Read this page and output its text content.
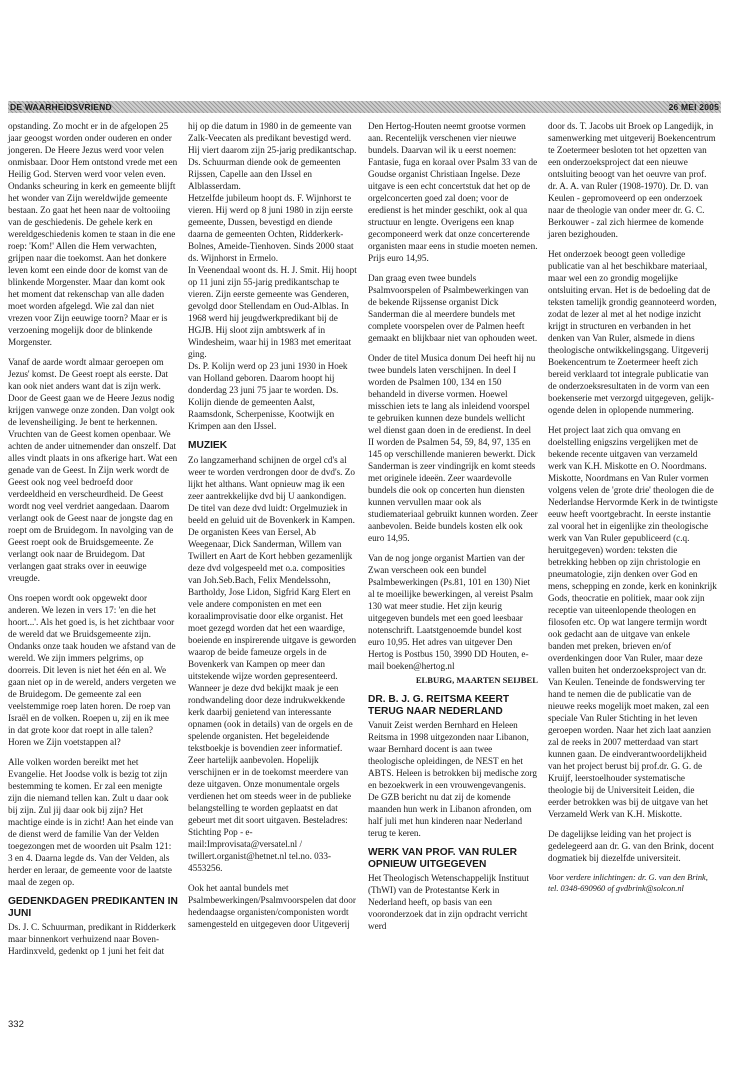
DE WAARHEIDSVRIEND	26 MEI 2005

opstanding. Zo mocht er in de afgelopen 25 jaar geoogst worden onder ouderen en onder jongeren. De Heere Jezus werd voor velen onmisbaar. Door Hem ontstond vrede met een Heilig God. Sterven werd voor velen even. Ondanks scheuring in kerk en gemeente blijft het wonder van Zijn wereldwijde gemeente bestaan. Zo gaat het heen naar de voltooiing van de geschiedenis. De gehele kerk en wereldgeschiedenis komen te staan in die ene roep: 'Kom!' Allen die Hem verwachten, grijpen naar die toekomst. Aan het donkere leven komt een einde door de komst van de blinkende Morgenster. Maar dan komt ook het moment dat rekenschap van alle daden moet worden afgelegd. Wie zal dan niet vrezen voor Zijn eeuwige toorn? Maar er is verzoening mogelijk door de blinkende Morgenster.

Vanaf de aarde wordt almaar geroepen om Jezus' komst. De Geest roept als eerste. Dat kan ook niet anders want dat is zijn werk. Door de Geest gaan we de Heere Jezus nodig krijgen vanwege onze zonden. Dan volgt ook de levensheiliging. Je bent te herkennen. Vruchten van de Geest komen openbaar. We achten de ander uitnemender dan onszelf. Dat alles vindt plaats in ons afkerige hart. Wat een genade van de Geest. In Zijn werk wordt de Geest ook nog veel bedroefd door verdeeldheid en verscheurdheid. De Geest wordt nog veel verdriet aangedaan. Daarom verlangt ook de Geest naar de jongste dag en roept om de Bruidegom. In navolging van de Geest roept ook de Bruidsgemeente. Ze verlangt ook naar de Bruidegom. Dat verlangen gaat straks over in eeuwige vreugde.

Ons roepen wordt ook opgewekt door anderen. We lezen in vers 17: 'en die het hoort...'. Als het goed is, is het zichtbaar voor de wereld dat we Bruidsgemeente zijn. Ondanks onze taak houden we afstand van de wereld. We zijn immers pelgrims, op doorreis. Dit leven is niet het één en al. We gaan niet op in de wereld, anders vergeten we de Bruidegom. De gemeente zal een veelstemmige roep laten horen. De roep van Israël en de volken. Roepen u, zij en ik mee in dat grote koor dat roept in alle talen? Horen we Zijn voetstappen al?

Alle volken worden bereikt met het Evangelie. Het Joodse volk is bezig tot zijn bestemming te komen. Er zal een menigte zijn die niemand tellen kan. Zult u daar ook bij zijn. Zul jij daar ook bij zijn? Het machtige einde is in zicht! Aan het einde van de dienst werd de familie Van der Velden toegezongen met de woorden uit Psalm 121: 3 en 4. Daarna legde ds. Van der Velden, als herder en leraar, de gemeente voor de laatste maal de zegen op.

GEDENKDAGEN PREDIKANTEN IN JUNI

Ds. J. C. Schuurman, predikant in Ridderkerk maar binnenkort verhuizend naar Boven-Hardinxveld, gedenkt op 1 juni het feit dat

hij op die datum in 1980 in de gemeente van Zalk-Veecaten als predikant bevestigd werd. Hij viert daarom zijn 25-jarig predikantschap. Ds. Schuurman diende ook de gemeenten Rijssen, Capelle aan den IJssel en Alblasserdam.

Hetzelfde jubileum hoopt ds. F. Wijnhorst te vieren. Hij werd op 8 juni 1980 in zijn eerste gemeente, Dussen, bevestigd en diende daarna de gemeenten Ochten, Ridderkerk-Bolnes, Ameide-Tienhoven. Sinds 2000 staat ds. Wijnhorst in Ermelo.

In Veenendaal woont ds. H. J. Smit. Hij hoopt op 11 juni zijn 55-jarig predikantschap te vieren. Zijn eerste gemeente was Genderen, gevolgd door Stellendam en Oud-Alblas. In 1968 werd hij jeugdwerkpredikant bij de HGJB. Hij sloot zijn ambtswerk af in Windesheim, waar hij in 1983 met emeritaat ging.

Ds. P. Kolijn werd op 23 juni 1930 in Hoek van Holland geboren. Daarom hoopt hij donderdag 23 juni 75 jaar te worden. Ds. Kolijn diende de gemeenten Aalst, Raamsdonk, Scherpenisse, Kootwijk en Krimpen aan den IJssel.

MUZIEK

Zo langzamerhand schijnen de orgel cd's al weer te worden verdrongen door de dvd's. Zo lijkt het althans. Want opnieuw mag ik een zeer aantrekkelijke dvd bij U aankondigen. De titel van deze dvd luidt: Orgelmuziek in beeld en geluid uit de Bovenkerk in Kampen. De organisten Kees van Eersel, Ab Weegenaar, Dick Sanderman, Willem van Twillert en Aart de Kort hebben gezamenlijk deze dvd volgespeeld met o.a. composities van Joh.Seb.Bach, Felix Mendelssohn, Bartholdy, Jose Lidon, Sigfrid Karg Elert en vele andere componisten en met een koraalimprovisatie door elke organist. Het moet gezegd worden dat het een waardige, boeiende en inspirerende uitgave is geworden waarop de beide fameuze orgels in de Bovenkerk van Kampen op meer dan uitstekende wijze worden gepresenteerd. Wanneer je deze dvd bekijkt maak je een rondwandeling door deze indrukwekkende kerk daarbij genietend van interessante opnamen (ook in details) van de orgels en de spelende organisten. Het begeleidende tekstboekje is bovendien zeer informatief. Zeer hartelijk aanbevolen. Hopelijk verschijnen er in de toekomst meerdere van deze uitgaven. Onze monumentale orgels verdienen het om steeds weer in de publieke belangstelling te worden geplaatst en dat gebeurt met dit soort uitgaven. Besteladres: Stichting Pop - e-mail:Improvisata@versatel.nl / twillert.organist@hetnet.nl tel.no. 033-4553256.

Ook het aantal bundels met Psalmbewerkingen/Psalmvoorspelen dat door hedendaagse organisten/componisten wordt samengesteld en uitgegeven door Uitgeverij

Den Hertog-Houten neemt grootse vormen aan. Recentelijk verschenen vier nieuwe bundels. Daarvan wil ik u eerst noemen: Fantasie, fuga en koraal over Psalm 33 van de Goudse organist Christiaan Ingelse. Deze uitgave is een echt concertstuk dat het op de orgelconcerten goed zal doen; voor de eredienst is het minder geschikt, ook al qua structuur en lengte. Overigens een knap gecomponeerd werk dat onze concerterende organisten maar eens in studie moeten nemen. Prijs euro 14,95.

Dan graag even twee bundels Psalmvoorspelen of Psalmbewerkingen van de bekende Rijssense organist Dick Sanderman die al meerdere bundels met complete voorspelen over de Palmen heeft gemaakt en blijkbaar niet van ophouden weet.

Onder de titel Musica donum Dei heeft hij nu twee bundels laten verschijnen. In deel I worden de Psalmen 100, 134 en 150 behandeld in diverse vormen. Hoewel misschien iets te lang als inleidend voorspel te gebruiken kunnen deze bundels wellicht wel dienst gaan doen in de eredienst. In deel II worden de Psalmen 54, 59, 84, 97, 135 en 145 op verschillende manieren bewerkt. Dick Sanderman is zeer vindingrijk en komt steeds met originele ideeën. Zeer waardevolle bundels die ook op concerten hun diensten kunnen vervullen maar ook als studiemateriaal gebruikt kunnen worden. Zeer aanbevolen. Beide bundels kosten elk ook euro 14,95.

Van de nog jonge organist Martien van der Zwan verscheen ook een bundel Psalmbewerkingen (Ps.81, 101 en 130) Niet al te moeilijke bewerkingen, al vereist Psalm 130 wat meer studie. Het zijn keurig uitgegeven bundels met een goed leesbaar notenschrift. Laatstgenoemde bundel kost euro 10,95. Het adres van uitgever Den Hertog is Postbus 150, 3990 DD Houten, e-mail boeken@hertog.nl

ELBURG, MAARTEN SEIJBEL
DR. B. J. G. REITSMA KEERT TERUG NAAR NEDERLAND

Vanuit Zeist werden Bernhard en Heleen Reitsma in 1998 uitgezonden naar Libanon, waar Bernhard docent is aan twee theologische opleidingen, de NEST en het ABTS. Heleen is betrokken bij medische zorg en bezoekwerk in een vrouwengevangenis. De GZB bericht nu dat zij de komende maanden hun werk in Libanon afronden, om half juli met hun kinderen naar Nederland terug te keren.

WERK VAN PROF. VAN RULER OPNIEUW UITGEGEVEN

Het Theologisch Wetenschappelijk Instituut (ThWI) van de Protestantse Kerk in Nederland heeft, op basis van een vooronderzoek dat in zijn opdracht verricht werd

door ds. T. Jacobs uit Broek op Langedijk, in samenwerking met uitgeverij Boekencentrum te Zoetermeer besloten tot het opzetten van een onderzoeksproject dat een nieuwe ontsluiting beoogt van het oeuvre van prof. dr. A. A. van Ruler (1908-1970). Dr. D. van Keulen - gepromoveerd op een onderzoek naar de theologie van onder meer dr. G. C. Berkouwer - zal zich hiermee de komende jaren bezighouden.

Het onderzoek beoogt geen volledige publicatie van al het beschikbare materiaal, maar wel een zo grondig mogelijke ontsluiting ervan. Het is de bedoeling dat de teksten tamelijk grondig geannoteerd worden, zodat de lezer al met al het nodige inzicht krijgt in structuren en verbanden in het denken van Van Ruler, alsmede in diens theologische ontwikkelingsgang. Uitgeverij Boekencentrum te Zoetermeer heeft zich bereid verklaard tot integrale publicatie van de onderzoeksresultaten in de vorm van een boekenserie met verzorgd uitgegeven, gelijk-ogende delen in oplopende nummering.

Het project laat zich qua omvang en doelstelling enigszins vergelijken met de bekende recente uitgaven van verzameld werk van K.H. Miskotte en O. Noordmans. Miskotte, Noordmans en Van Ruler vormen volgens velen de 'grote drie' theologen die de Nederlandse Hervormde Kerk in de twintigste eeuw heeft voortgebracht. In eerste instantie zal vooral het in eigenlijke zin theologische werk van Van Ruler gepubliceerd (c.q. heruitgegeven) worden: teksten die betrekking hebben op zijn christologie en pneumatologie, zijn denken over God en mens, schepping en zonde, kerk en koninkrijk Gods, theocratie en politiek, maar ook zijn receptie van uiteenlopende theologen en filosofen etc. Op wat langere termijn wordt ook gedacht aan de uitgave van enkele banden met preken, brieven en/of overdenkingen door Van Ruler, maar deze vallen buiten het onderzoeksproject van dr. Van Keulen. Teneinde de fondswerving ter hand te nemen die de publicatie van de nieuwe reeks mogelijk moet maken, zal een speciale Van Ruler Stichting in het leven geroepen worden. Naar het zich laat aanzien zal de reeks in 2007 metterdaad van start kunnen gaan. De eindverantwoordelijkheid van het project berust bij prof.dr. G. G. de Kruijf, leerstoelhouder systematische theologie bij de Universiteit Leiden, die eerder betrokken was bij de uitgave van het Verzameld Werk van K.H. Miskotte.

De dagelijkse leiding van het project is gedelegeerd aan dr. G. van den Brink, docent dogmatiek bij diezelfde universiteit.

Voor verdere inlichtingen: dr. G. van den Brink, tel. 0348-690960 of gvdbrink@solcon.nl

332
